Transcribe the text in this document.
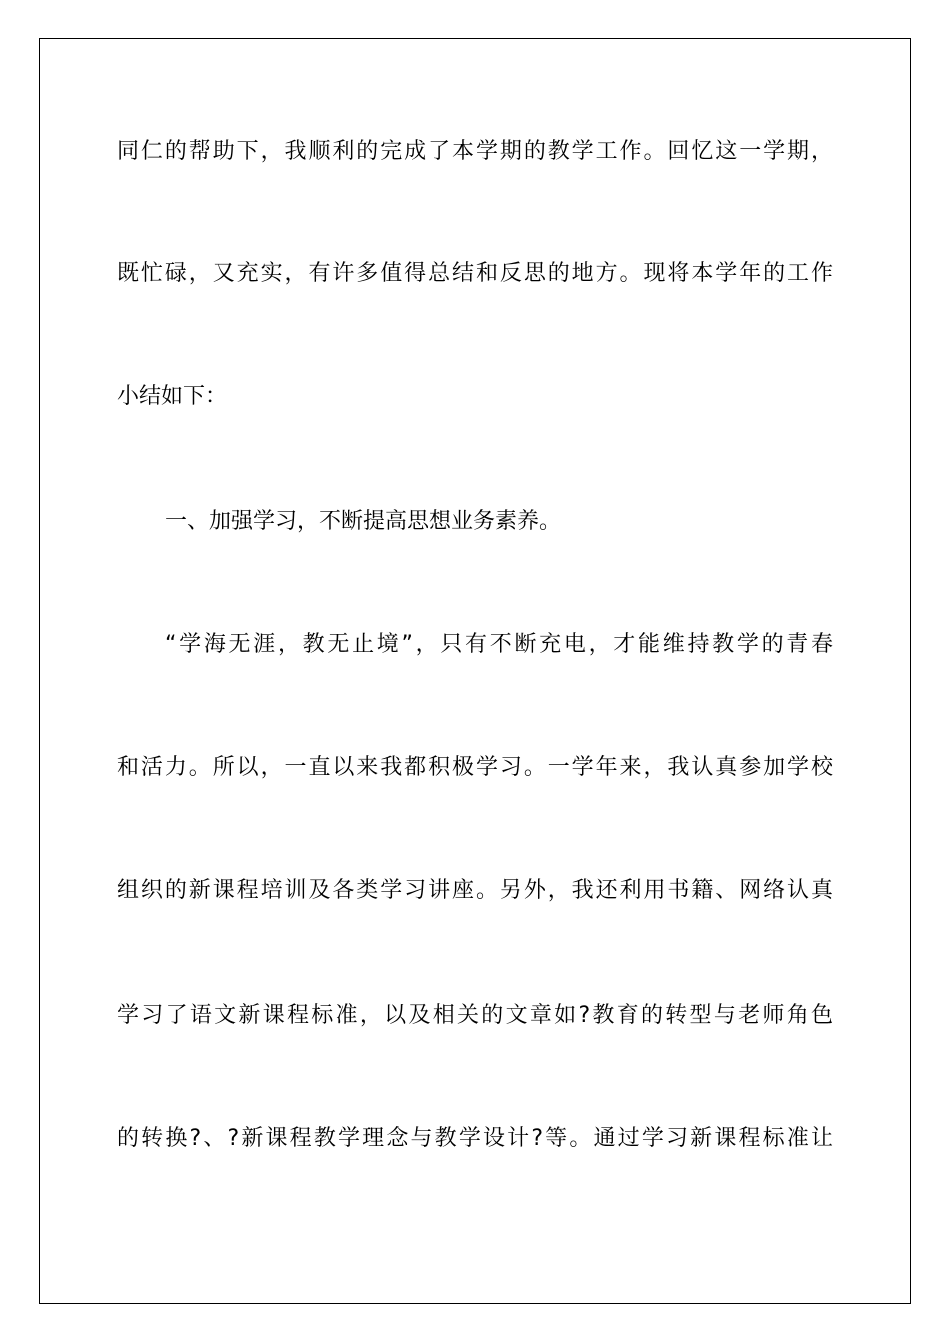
同仁的帮助下，我顺利的完成了本学期的教学工作。回忆这一学期，
既忙碌，又充实，有许多值得总结和反思的地方。现将本学年的工作
小结如下：
一、加强学习，不断提高思想业务素养。
“学海无涯，教无止境”，只有不断充电，才能维持教学的青春
和活力。所以，一直以来我都积极学习。一学年来，我认真参加学校
组织的新课程培训及各类学习讲座。另外，我还利用书籍、网络认真
学习了语文新课程标准，以及相关的文章如?教育的转型与老师角色
的转换?、?新课程教学理念与教学设计?等。通过学习新课程标准让
